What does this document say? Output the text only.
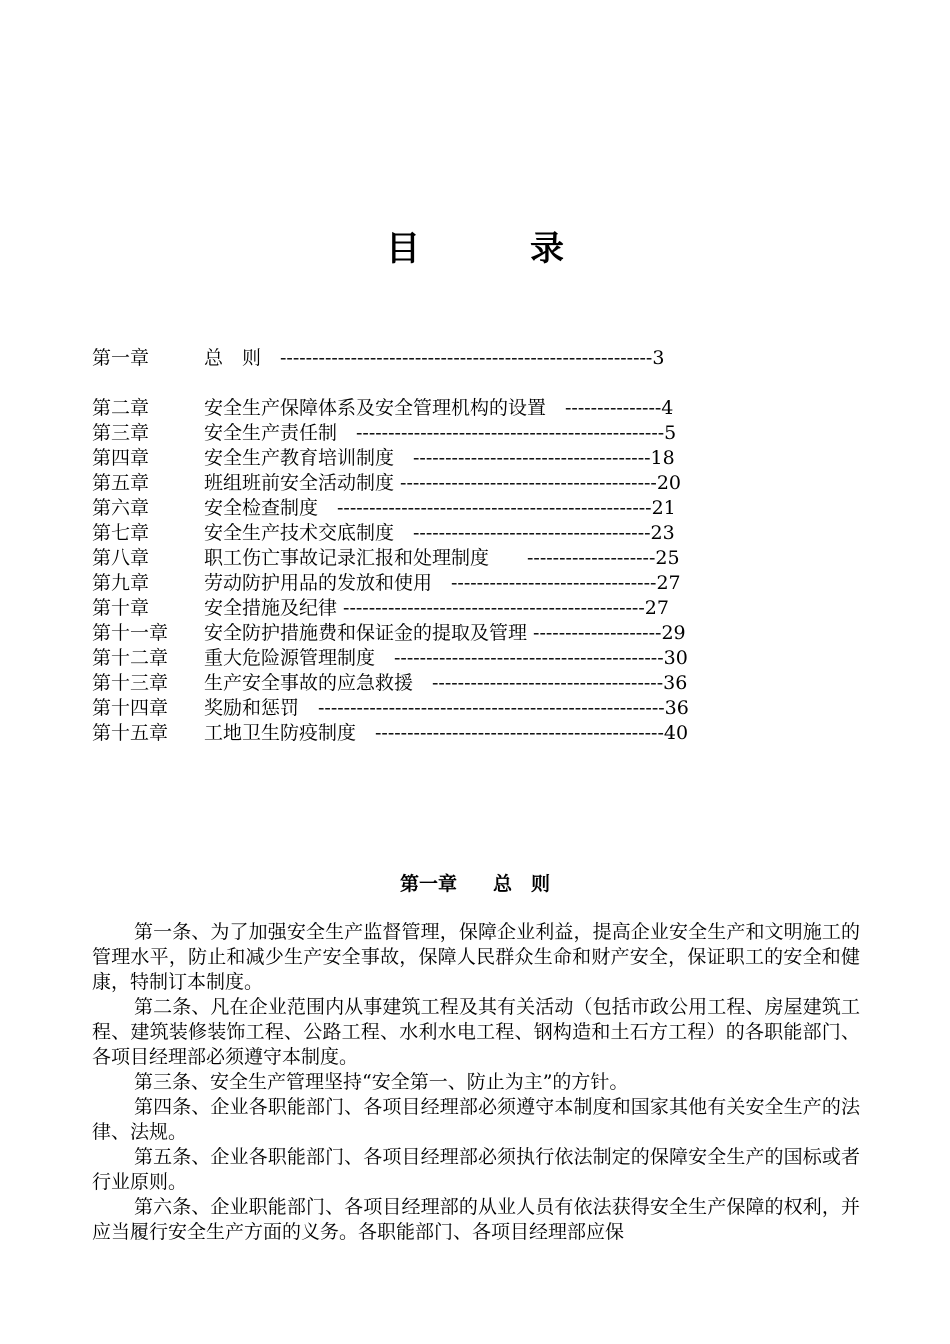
目　录
第一章	总　则　----------------------------------------------------------3
第二章	安全生产保障体系及安全管理机构的设置　---------------4
第三章	安全生产责任制　------------------------------------------------5
第四章	安全生产教育培训制度　-------------------------------------18
第五章	班组班前安全活动制度 ----------------------------------------20
第六章	安全检查制度　-------------------------------------------------21
第七章	安全生产技术交底制度　-------------------------------------23
第八章	职工伤亡事故记录汇报和处理制度　　--------------------25
第九章	劳动防护用品的发放和使用　--------------------------------27
第十章	安全措施及纪律 -----------------------------------------------27
第十一章 安全防护措施费和保证金的提取及管理 --------------------29
第十二章 重大危险源管理制度　------------------------------------------30
第十三章 生产安全事故的应急救援　------------------------------------36
第十四章 奖励和惩罚　------------------------------------------------------36
第十五章 工地卫生防疫制度　---------------------------------------------40
第一章 总　则

第一条、为了加强安全生产监督管理，保障企业利益，提高企业安全生产和文明施工的管理水平，防止和减少生产安全事故，保障人民群众生命和财产安全，保证职工的安全和健康，特制订本制度。

第二条、凡在企业范围内从事建筑工程及其有关活动（包括市政公用工程、房屋建筑工程、建筑装修装饰工程、公路工程、水利水电工程、钢构造和土石方工程）的各职能部门、各项目经理部必须遵守本制度。

第三条、安全生产管理坚持“安全第一、防止为主”的方针。

第四条、企业各职能部门、各项目经理部必须遵守本制度和国家其他有关安全生产的法律、法规。

第五条、企业各职能部门、各项目经理部必须执行依法制定的保障安全生产的国标或者行业原则。

第六条、企业职能部门、各项目经理部的从业人员有依法获得安全生产保障的权利，并应当履行安全生产方面的义务。各职能部门、各项目经理部应保
